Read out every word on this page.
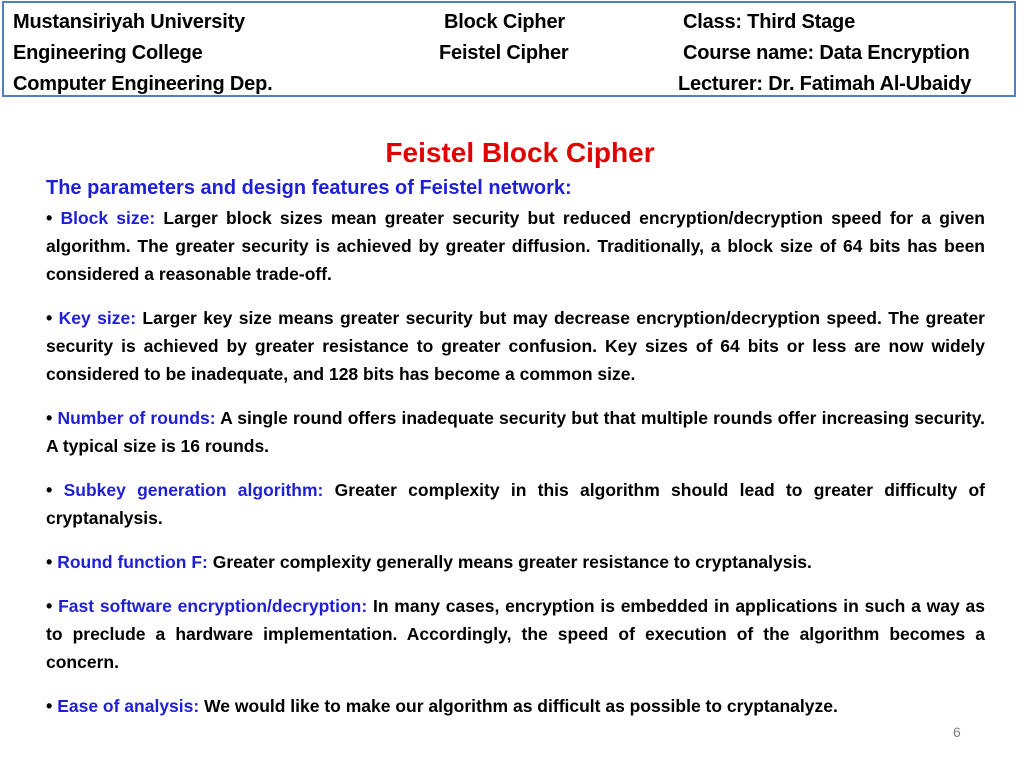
Mustansiriyah University
Engineering College
Computer Engineering Dep.
Block Cipher
Feistel Cipher
Class: Third Stage
Course name: Data Encryption
Lecturer: Dr. Fatimah Al-Ubaidy
Feistel Block Cipher
The parameters and design features of Feistel network:

• Block size: Larger block sizes mean greater security but reduced encryption/decryption speed for a given algorithm. The greater security is achieved by greater diffusion. Traditionally, a block size of 64 bits has been considered a reasonable trade-off.

• Key size: Larger key size means greater security but may decrease encryption/decryption speed. The greater security is achieved by greater resistance to greater confusion. Key sizes of 64 bits or less are now widely considered to be inadequate, and 128 bits has become a common size.

• Number of rounds: A single round offers inadequate security but that multiple rounds offer increasing security. A typical size is 16 rounds.

• Subkey generation algorithm: Greater complexity in this algorithm should lead to greater difficulty of cryptanalysis.

• Round function F: Greater complexity generally means greater resistance to cryptanalysis.

• Fast software encryption/decryption: In many cases, encryption is embedded in applications in such a way as to preclude a hardware implementation. Accordingly, the speed of execution of the algorithm becomes a concern.

• Ease of analysis: We would like to make our algorithm as difficult as possible to cryptanalyze.

6
